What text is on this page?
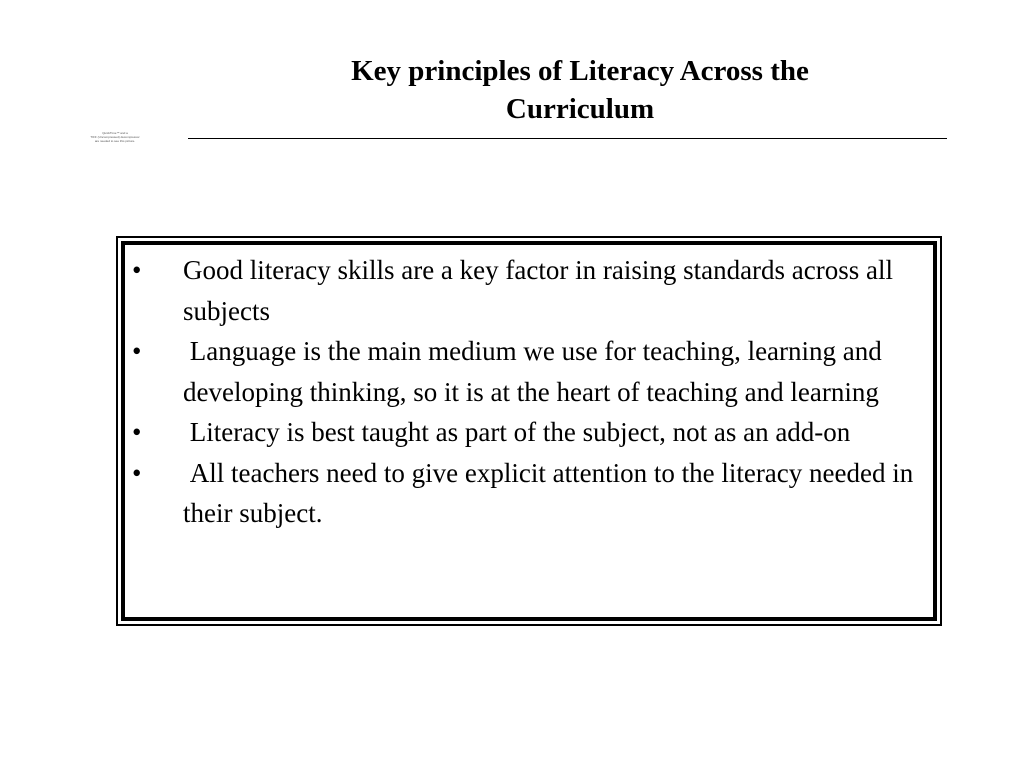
Key principles of Literacy Across the
Curriculum
QuickTime™ and a
TIFF (Uncompressed) decompressor
are needed to see this picture.
•	Good literacy skills are a key factor in raising standards across all subjects
•	Language is the main medium we use for teaching, learning and developing thinking, so it is at the heart of teaching and learning
•	Literacy is best taught as part of the subject, not as an add-on
•	All teachers need to give explicit attention to the literacy needed in their subject.
